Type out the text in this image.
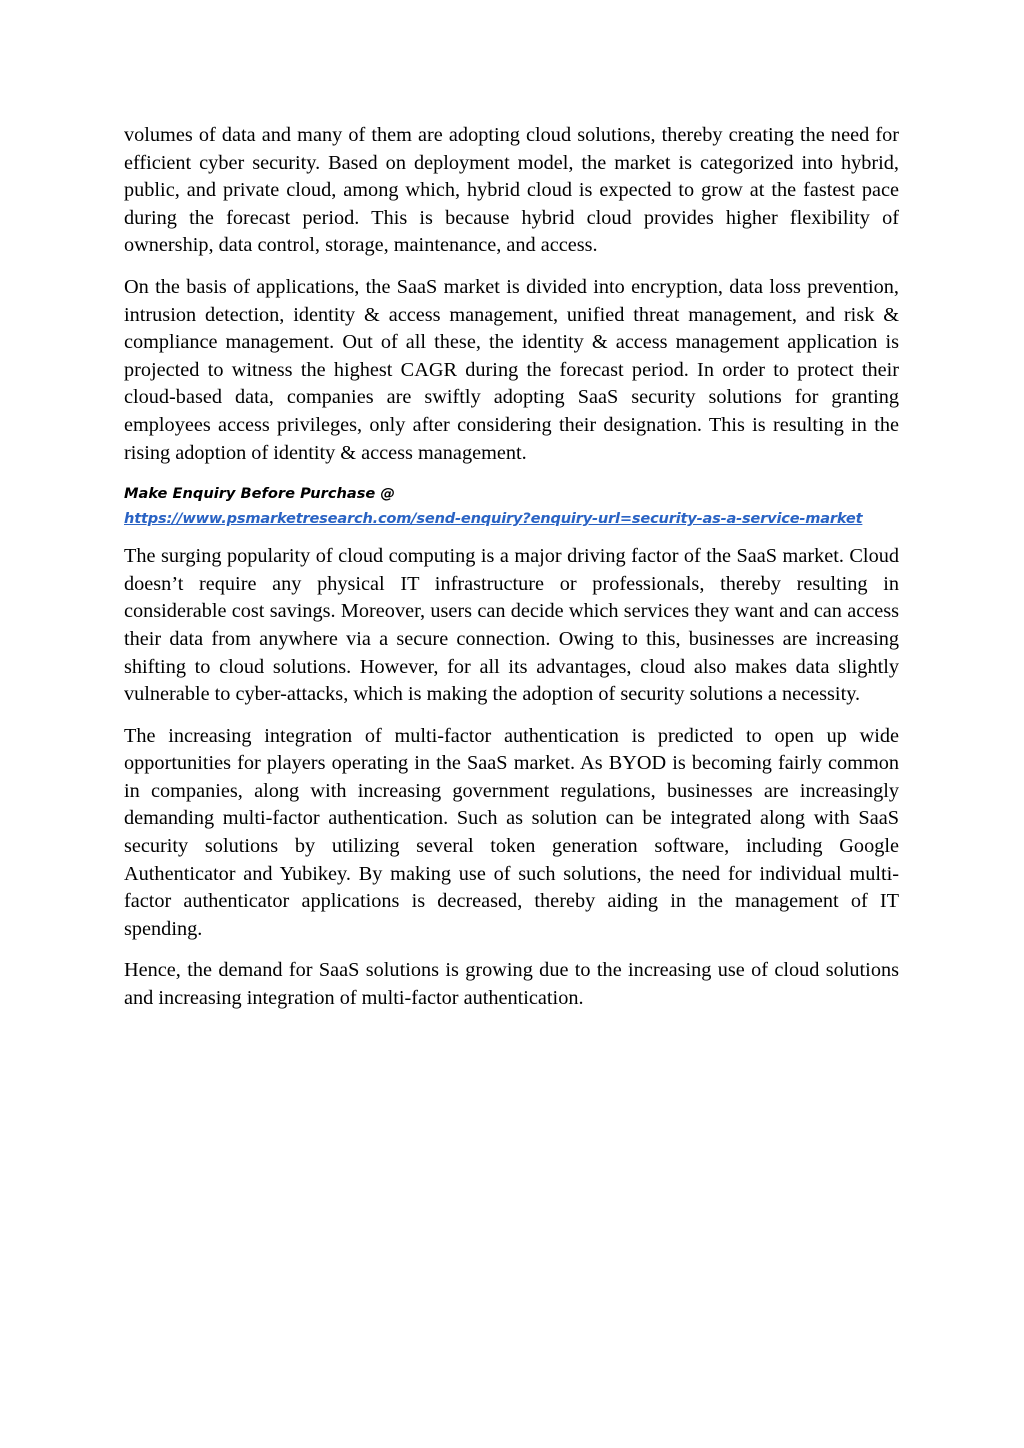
volumes of data and many of them are adopting cloud solutions, thereby creating the need for efficient cyber security. Based on deployment model, the market is categorized into hybrid, public, and private cloud, among which, hybrid cloud is expected to grow at the fastest pace during the forecast period. This is because hybrid cloud provides higher flexibility of ownership, data control, storage, maintenance, and access.

On the basis of applications, the SaaS market is divided into encryption, data loss prevention, intrusion detection, identity & access management, unified threat management, and risk & compliance management. Out of all these, the identity & access management application is projected to witness the highest CAGR during the forecast period. In order to protect their cloud-based data, companies are swiftly adopting SaaS security solutions for granting employees access privileges, only after considering their designation. This is resulting in the rising adoption of identity & access management.

Make Enquiry Before Purchase @
https://www.psmarketresearch.com/send-enquiry?enquiry-url=security-as-a-service-market

The surging popularity of cloud computing is a major driving factor of the SaaS market. Cloud doesn’t require any physical IT infrastructure or professionals, thereby resulting in considerable cost savings. Moreover, users can decide which services they want and can access their data from anywhere via a secure connection. Owing to this, businesses are increasing shifting to cloud solutions. However, for all its advantages, cloud also makes data slightly vulnerable to cyber-attacks, which is making the adoption of security solutions a necessity.

The increasing integration of multi-factor authentication is predicted to open up wide opportunities for players operating in the SaaS market. As BYOD is becoming fairly common in companies, along with increasing government regulations, businesses are increasingly demanding multi-factor authentication. Such as solution can be integrated along with SaaS security solutions by utilizing several token generation software, including Google Authenticator and Yubikey. By making use of such solutions, the need for individual multi-factor authenticator applications is decreased, thereby aiding in the management of IT spending.

Hence, the demand for SaaS solutions is growing due to the increasing use of cloud solutions and increasing integration of multi-factor authentication.
